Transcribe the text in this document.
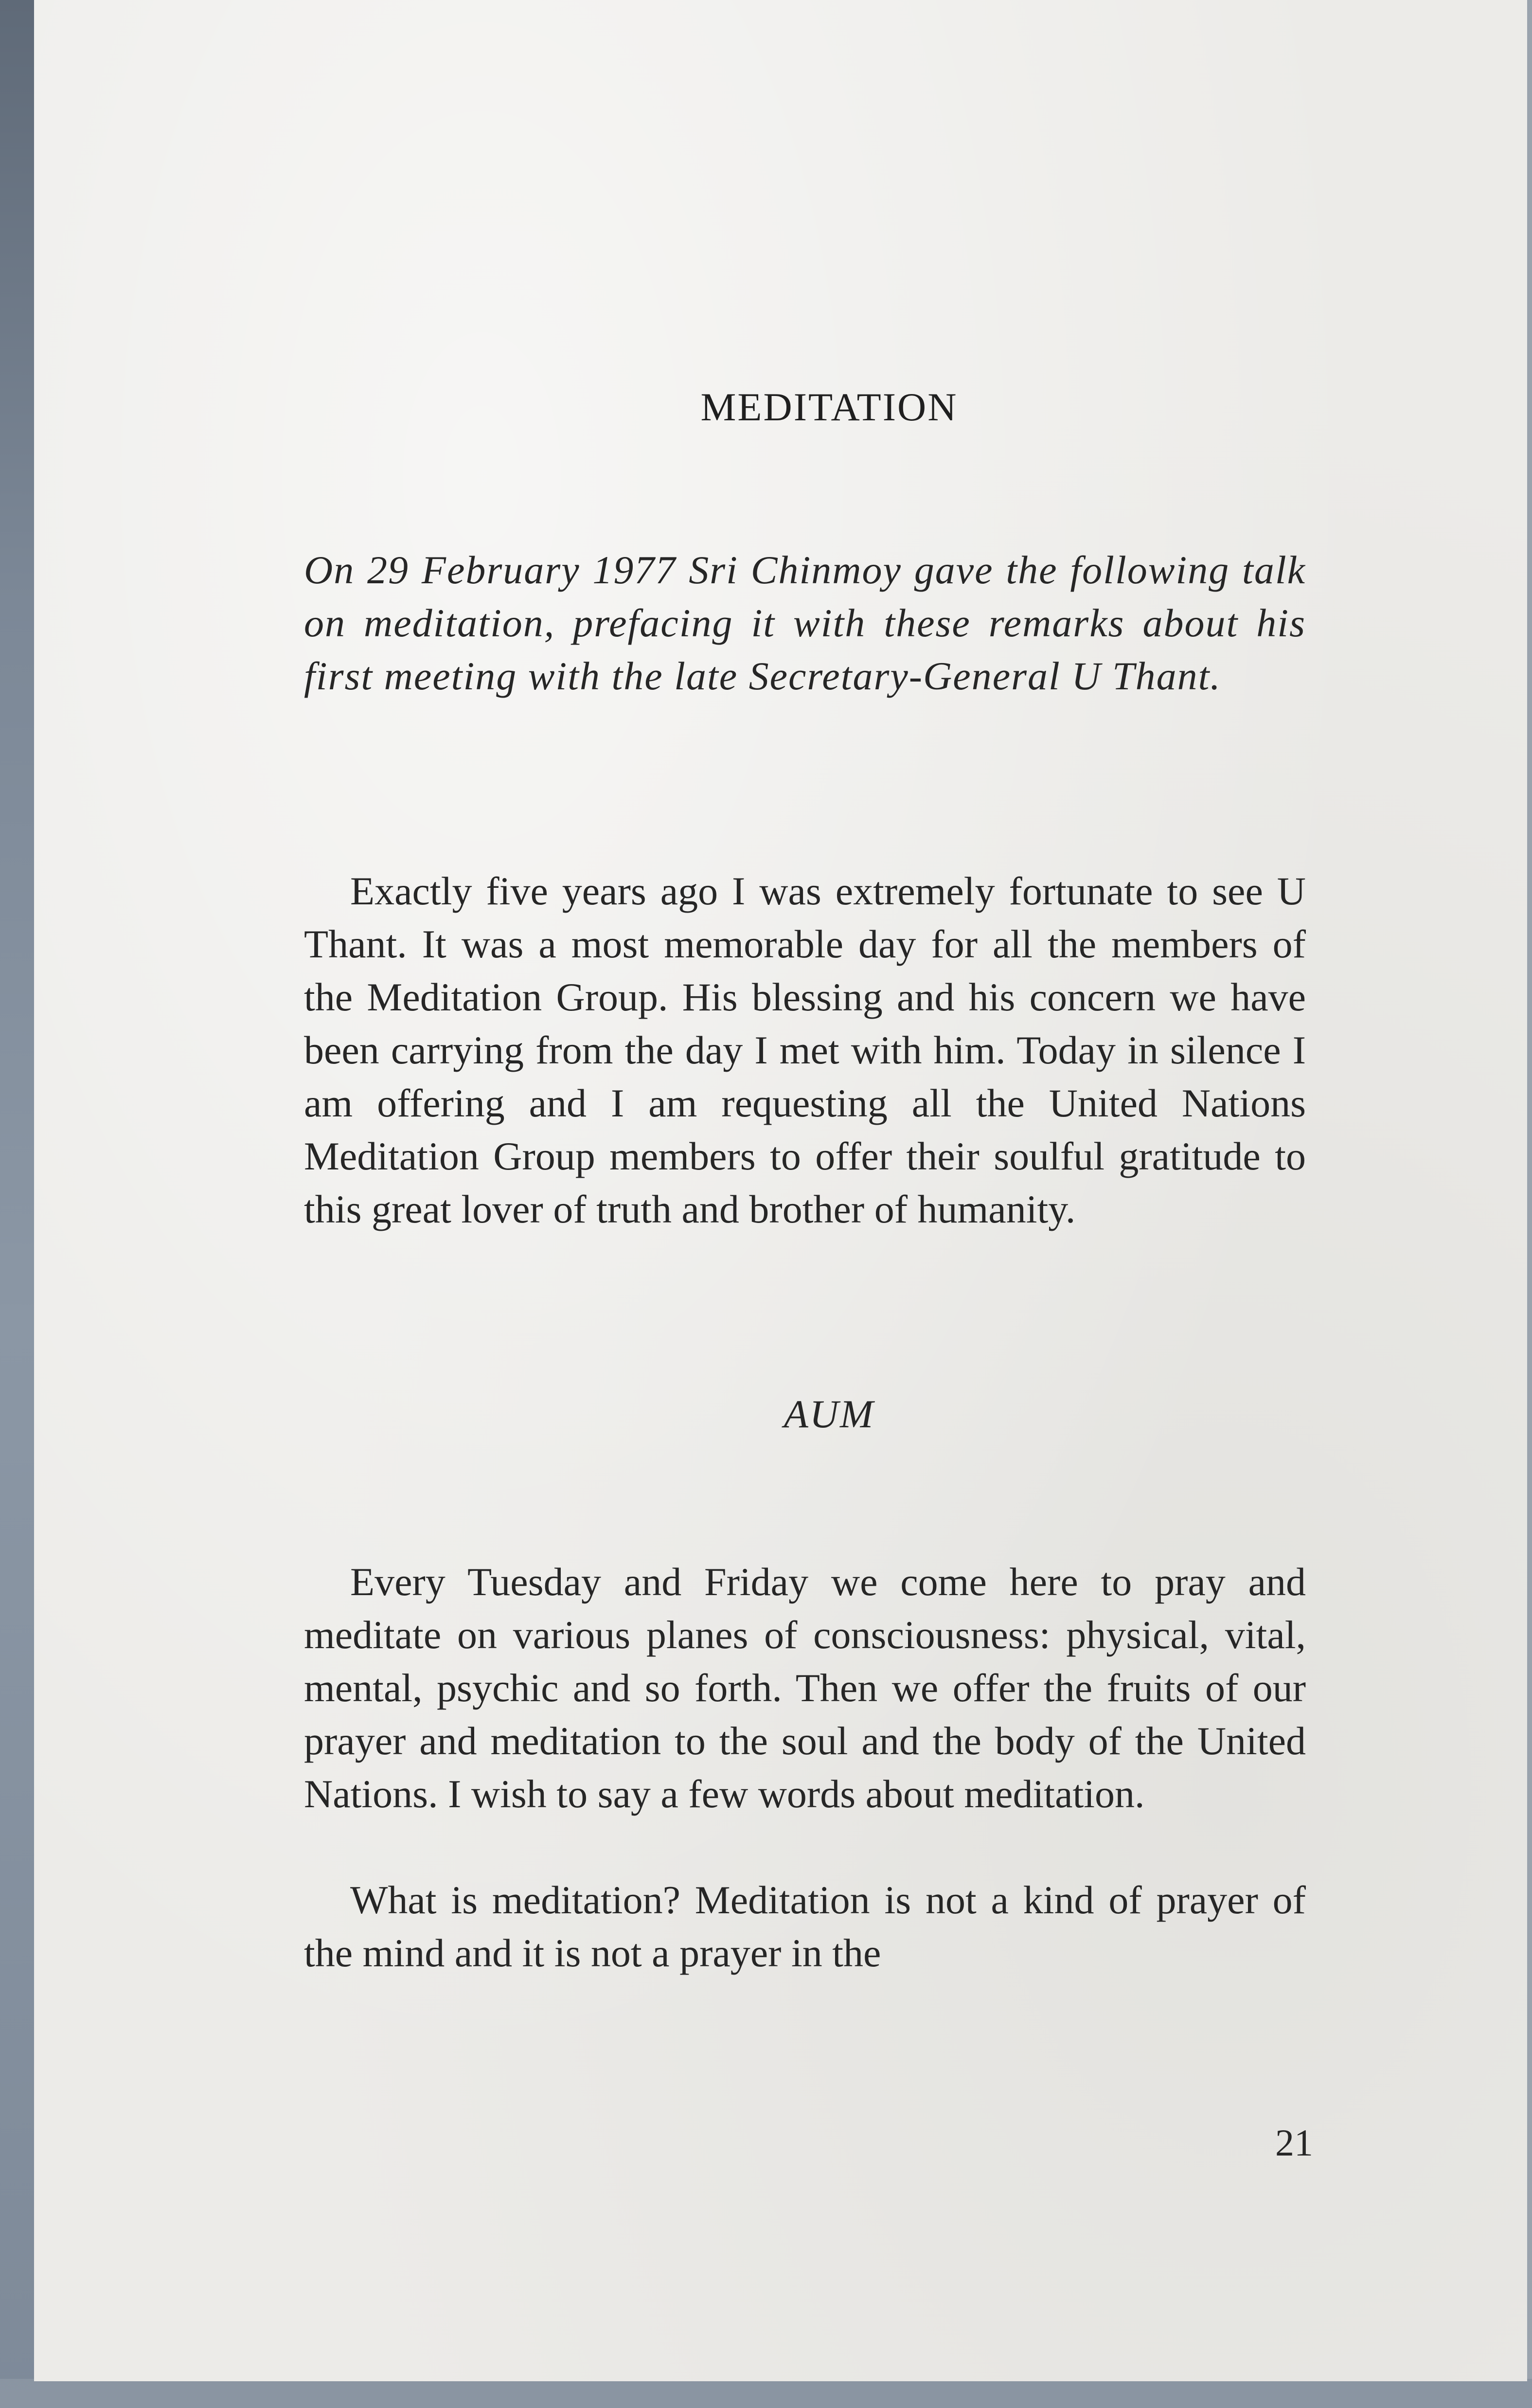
MEDITATION

On 29 February 1977 Sri Chinmoy gave the following talk on meditation, prefacing it with these remarks about his first meeting with the late Secretary-General U Thant.

Exactly five years ago I was extremely fortunate to see U Thant. It was a most memorable day for all the members of the Meditation Group. His blessing and his concern we have been carrying from the day I met with him. Today in silence I am offering and I am requesting all the United Nations Meditation Group members to offer their soulful gratitude to this great lover of truth and brother of humanity.

AUM

Every Tuesday and Friday we come here to pray and meditate on various planes of consciousness: physical, vital, mental, psychic and so forth. Then we offer the fruits of our prayer and meditation to the soul and the body of the United Nations. I wish to say a few words about meditation.

What is meditation? Meditation is not a kind of prayer of the mind and it is not a prayer in the

21
